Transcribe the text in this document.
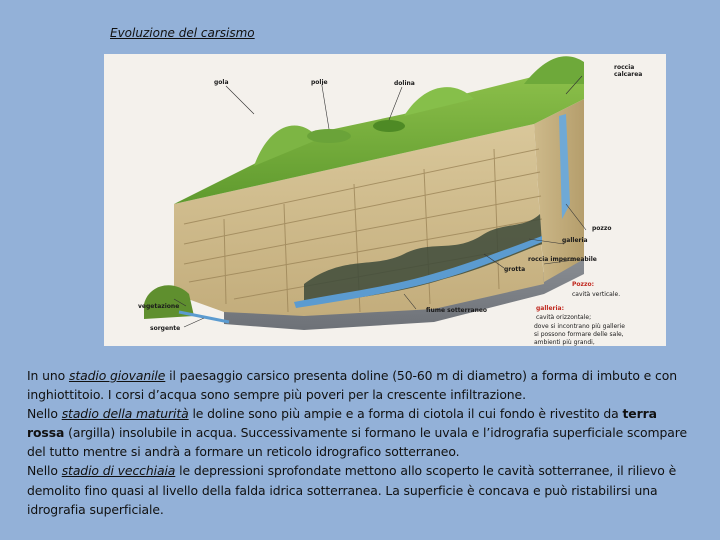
Evoluzione del carsismo
gola	polje	dolina
roccia
calcarea
pozzo
galleria
roccia impermeabile
grotta
vegetazione
sorgente
fiume sotterraneo
Pozzo:
cavità verticale.
galleria:
cavità orizzontale;
dove si incontrano più gallerie
si possono formare delle sale,
ambienti più grandi,

In uno stadio giovanile il paesaggio carsico presenta doline (50-60 m di diametro) a forma di imbuto e con inghiottitoio. I corsi d’acqua sono sempre più poveri per la crescente infiltrazione.

Nello stadio della maturità le doline sono più ampie e a forma di ciotola il cui fondo è rivestito da terra rossa (argilla) insolubile in acqua. Successivamente si formano le uvala e l’idrografia superficiale scompare del tutto mentre si andrà a formare un reticolo idrografico sotterraneo.

Nello stadio di vecchiaia le depressioni sprofondate mettono allo scoperto le cavità sotterranee, il rilievo è demolito fino quasi al livello della falda idrica sotterranea. La superficie è concava e può ristabilirsi una idrografia superficiale.
